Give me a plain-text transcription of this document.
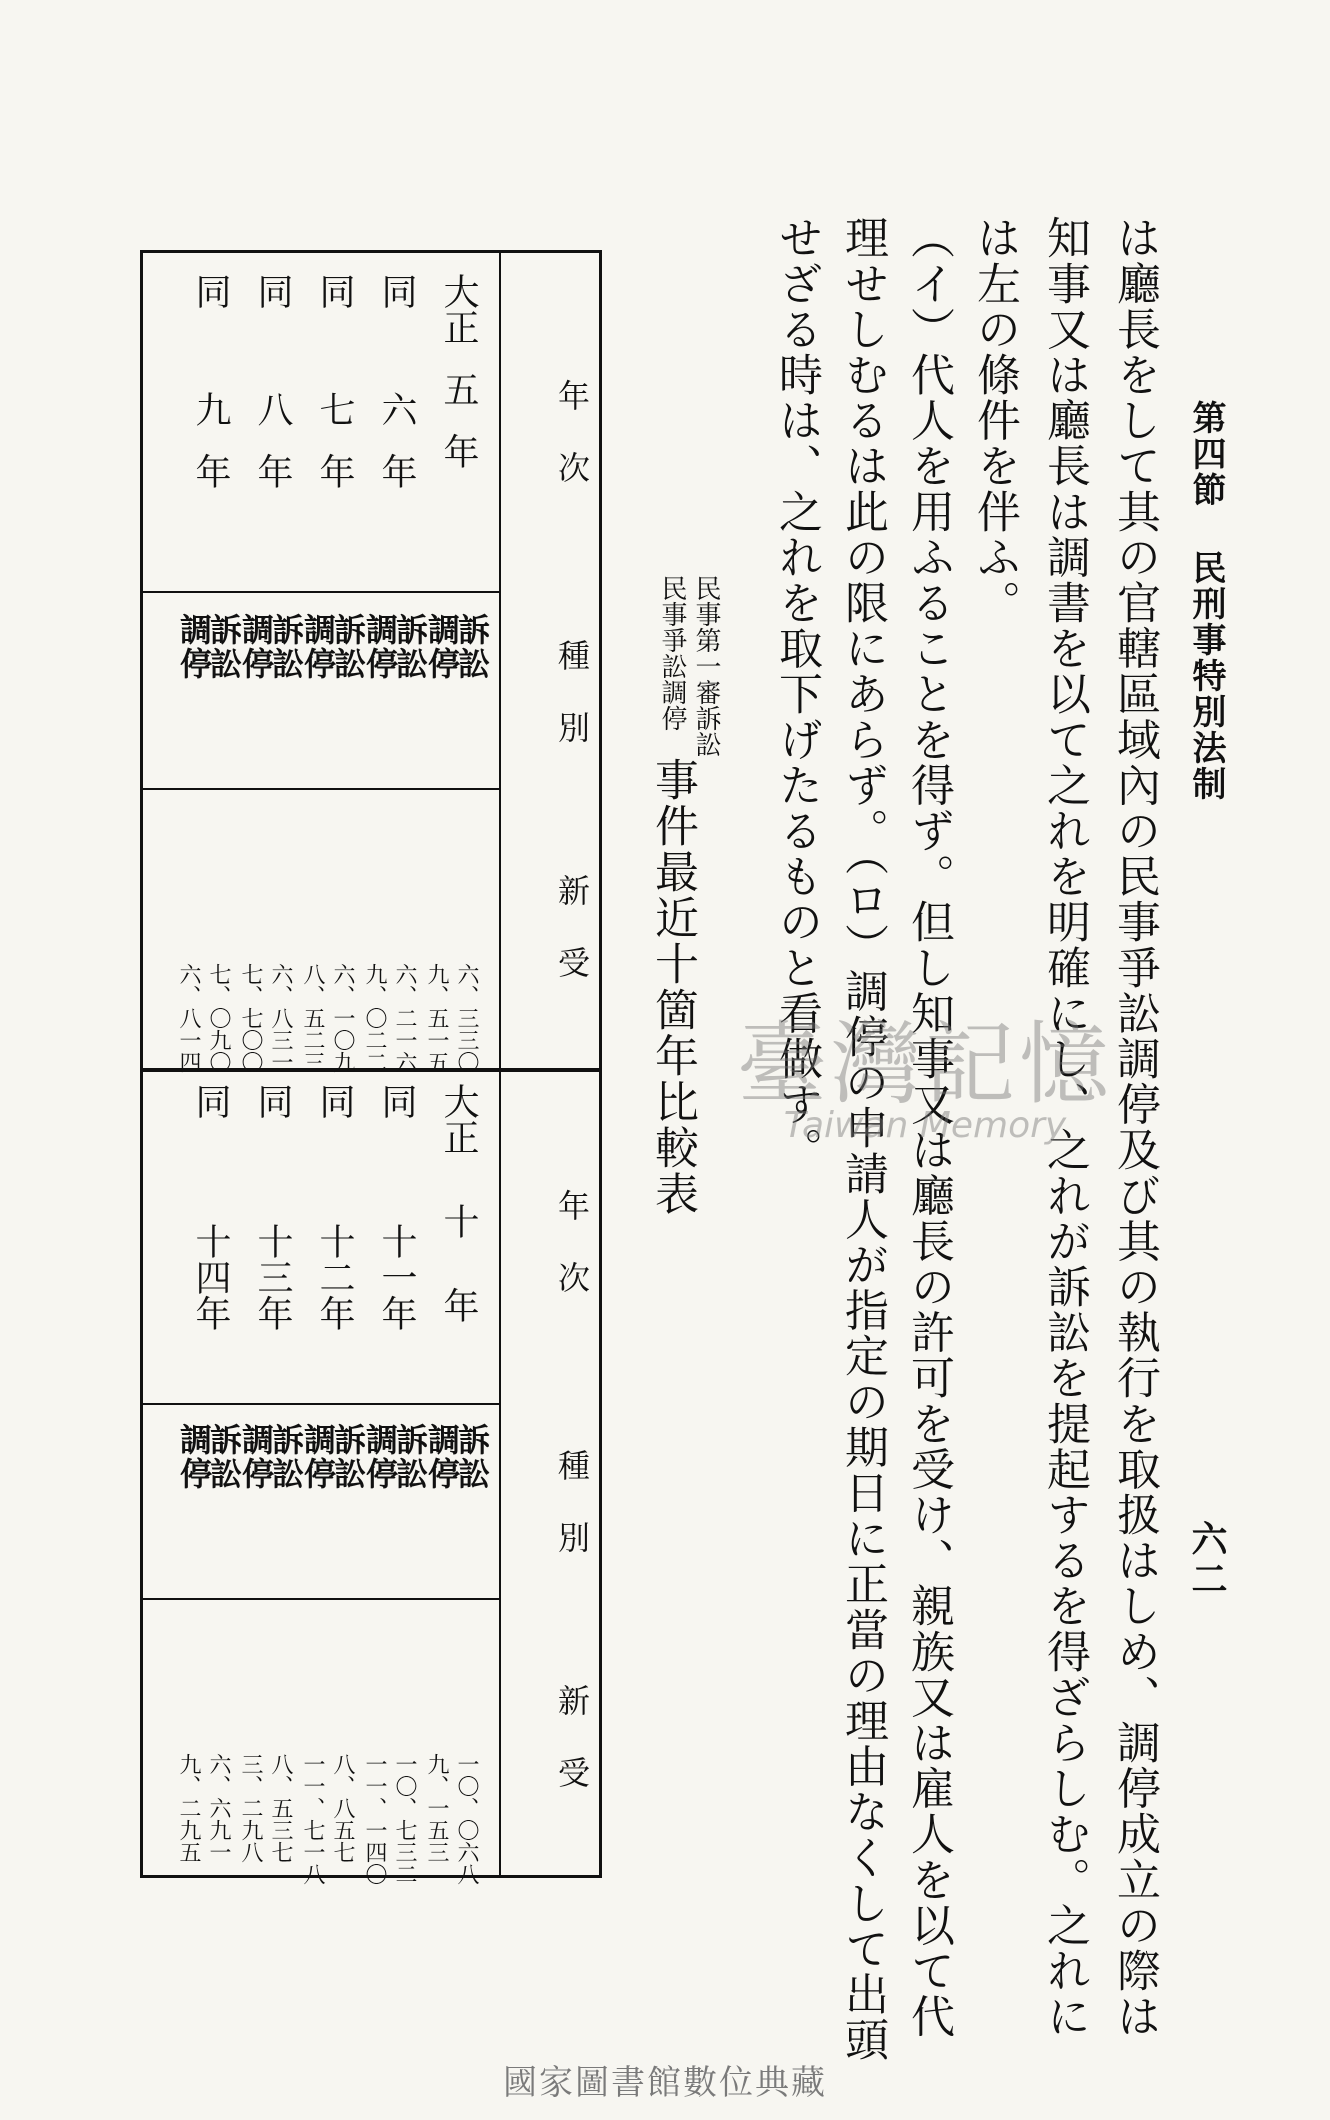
第四節民刑事特別法制
六二
は廳長をして其の官轄區域內の民事爭訟調停及び其の執行を取扱はしめ、調停成立の際は
知事又は廳長は調書を以て之れを明確にし、之れが訴訟を提起するを得ざらしむ。之れに
は左の條件を伴ふ。
（イ）代人を用ふることを得ず。但し知事又は廳長の許可を受け、親族又は雇人を以て代
理せしむるは此の限にあらず。（ロ）調停の申請人が指定の期日に正當の理由なくして出頭
せざる時は、之れを取下げたるものと看做す。
民事第一審訴訟
民事爭訟調停事件最近十箇年比較表
年　次
種　別
新　受
年　次
種　別
新　受
大正五年
同六年
同七年
同八年
同九年
訴訟
調停
訴訟
調停
訴訟
調停
訴訟
調停
訴訟
調停
六、三三〇
九、五一五
六、二一六
九、〇二二
六、一〇九
八、五二三
六、八三一
七、七〇〇
七、〇九〇
六、八一四
大正十年
同十一年
同十二年
同十三年
同十四年
訴訟
調停
訴訟
調停
訴訟
調停
訴訟
調停
訴訟
調停
一〇、〇六八
九、一五三
一〇、七三二
一一、一四〇
八、八五七
一一、七一八
八、五三七
三、二九八
六、六九一
九、二九五
臺灣記憶
Taiwan Memory
國家圖書館數位典藏
